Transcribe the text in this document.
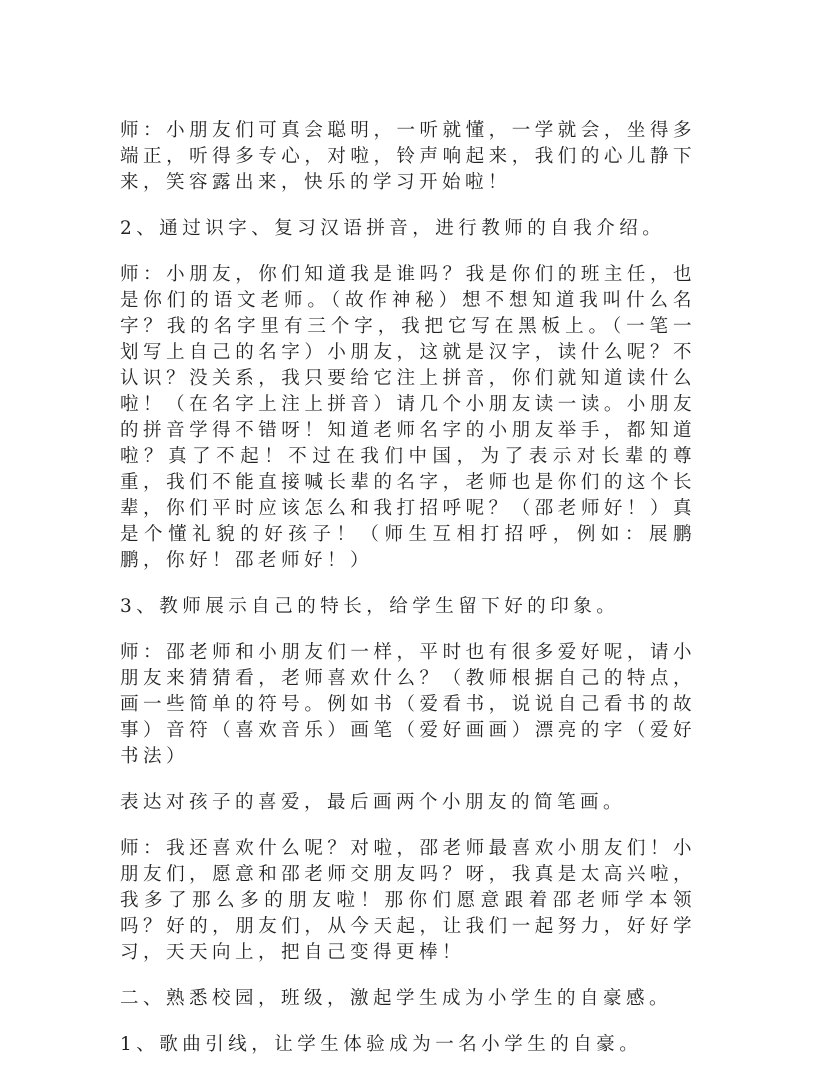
师：小朋友们可真会聪明，一听就懂，一学就会，坐得多端正，听得多专心，对啦，铃声响起来，我们的心儿静下来，笑容露出来，快乐的学习开始啦！

2、通过识字、复习汉语拼音，进行教师的自我介绍。

师：小朋友，你们知道我是谁吗？我是你们的班主任，也是你们的语文老师。（故作神秘）想不想知道我叫什么名字？我的名字里有三个字，我把它写在黑板上。（一笔一划写上自己的名字）小朋友，这就是汉字，读什么呢？不认识？没关系，我只要给它注上拼音，你们就知道读什么啦！（在名字上注上拼音）请几个小朋友读一读。小朋友的拼音学得不错呀！知道老师名字的小朋友举手，都知道啦？真了不起！不过在我们中国，为了表示对长辈的尊重，我们不能直接喊长辈的名字，老师也是你们的这个长辈，你们平时应该怎么和我打招呼呢？（邵老师好！）真是个懂礼貌的好孩子！（师生互相打招呼，例如：展鹏鹏，你好！邵老师好！）

3、教师展示自己的特长，给学生留下好的印象。

师：邵老师和小朋友们一样，平时也有很多爱好呢，请小朋友来猜猜看，老师喜欢什么？（教师根据自己的特点，画一些简单的符号。例如书（爱看书，说说自己看书的故事）音符（喜欢音乐）画笔（爱好画画）漂亮的字（爱好书法）

表达对孩子的喜爱，最后画两个小朋友的简笔画。

师：我还喜欢什么呢？对啦，邵老师最喜欢小朋友们！小朋友们，愿意和邵老师交朋友吗？呀，我真是太高兴啦，我多了那么多的朋友啦！那你们愿意跟着邵老师学本领吗？好的，朋友们，从今天起，让我们一起努力，好好学习，天天向上，把自己变得更棒！

二、熟悉校园，班级，激起学生成为小学生的自豪感。

1、歌曲引线，让学生体验成为一名小学生的自豪。
